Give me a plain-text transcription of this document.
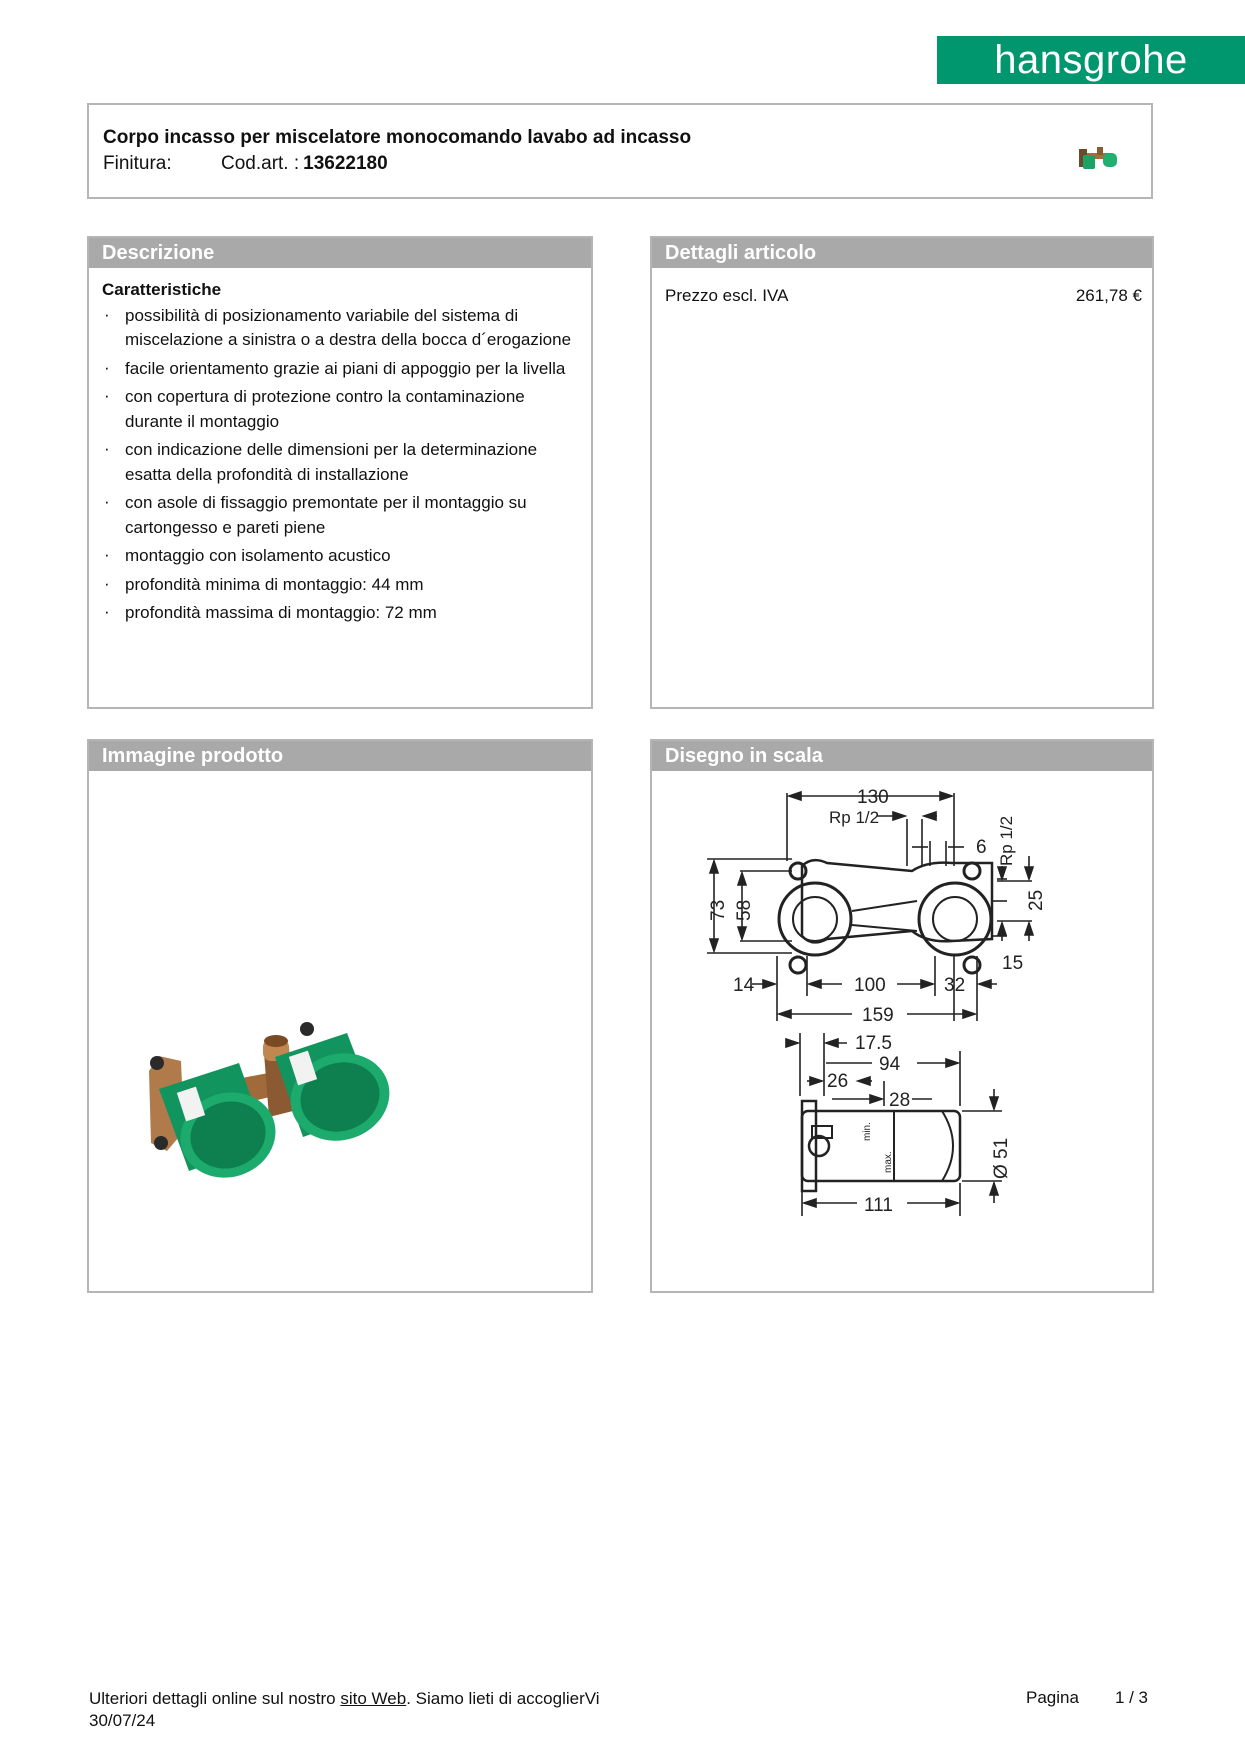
hansgrohe
Corpo incasso per miscelatore monocomando lavabo ad incasso
Finitura:	Cod.art. : 13622180
Descrizione
Caratteristiche
· possibilità di posizionamento variabile del sistema di miscelazione a sinistra o a destra della bocca d´erogazione
· facile orientamento grazie ai piani di appoggio per la livella
· con copertura di protezione contro la contaminazione durante il montaggio
· con indicazione delle dimensioni per la determinazione esatta della profondità di installazione
· con asole di fissaggio premontate per il montaggio su cartongesso e pareti piene
· montaggio con isolamento acustico
· profondità minima di montaggio: 44 mm
· profondità massima di montaggio: 72 mm
Dettagli articolo
Prezzo escl. IVA	261,78 €
Immagine prodotto	Disegno in scala
130
Rp 1/2
6 Rp 1/2
73 58	25
15
14	100	32
159
17.5
94
26
28
Ø 51
111
min.
max.
Ulteriori dettagli online sul nostro sito Web. Siamo lieti di accoglierVi
30/07/24
Pagina 1 / 3
